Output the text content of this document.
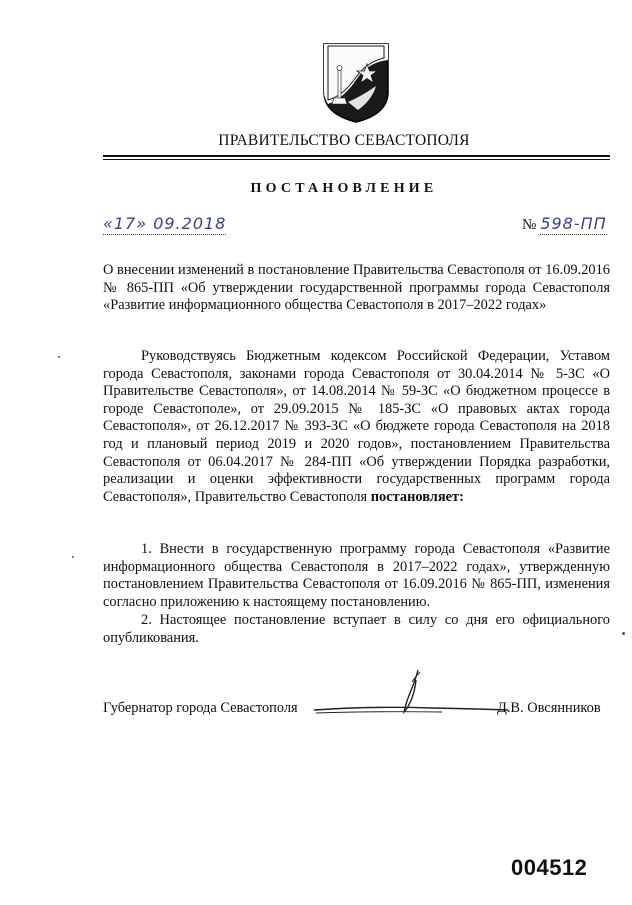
ПРАВИТЕЛЬСТВО СЕВАСТОПОЛЯ
ПОСТАНОВЛЕНИЕ
«17» 09.2018	№ 598-ПП
О внесении изменений в постановление Правительства Севастополя от 16.09.2016 № 865-ПП «Об утверждении государственной программы города Севастополя «Развитие информационного общества Севастополя в 2017–2022 годах»
Руководствуясь Бюджетным кодексом Российской Федерации, Уставом города Севастополя, законами города Севастополя от 30.04.2014 № 5-ЗС «О Правительстве Севастополя», от 14.08.2014 № 59-ЗС «О бюджетном процессе в городе Севастополе», от 29.09.2015 № 185-ЗС «О правовых актах города Севастополя», от 26.12.2017 № 393-ЗС «О бюджете города Севастополя на 2018 год и плановый период 2019 и 2020 годов», постановлением Правительства Севастополя от 06.04.2017 № 284-ПП «Об утверждении Порядка разработки, реализации и оценки эффективности государственных программ города Севастополя», Правительство Севастополя постановляет:
1. Внести в государственную программу города Севастополя «Развитие информационного общества Севастополя в 2017–2022 годах», утвержденную постановлением Правительства Севастополя от 16.09.2016 № 865-ПП, изменения согласно приложению к настоящему постановлению.
2. Настоящее постановление вступает в силу со дня его официального опубликования.
Губернатор города Севастополя	Д.В. Овсянников
004512
